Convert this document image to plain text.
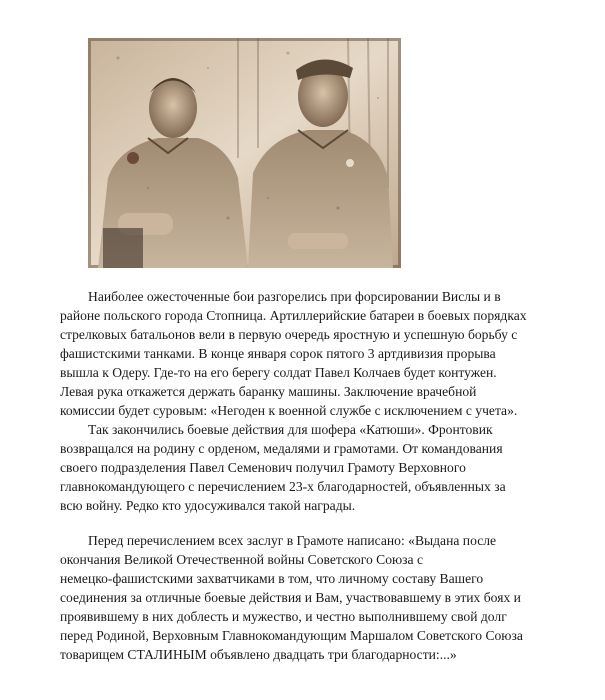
Наиболее ожесточенные бои разгорелись при форсировании Вислы и в
районе польского города Стопница. Артиллерийские батареи в боевых порядках
стрелковых батальонов вели в первую очередь яростную и успешную борьбу с
фашистскими танками. В конце января сорок пятого 3 артдивизия прорыва
вышла к Одеру. Где-то на его берегу солдат Павел Колчаев будет контужен.
Левая рука откажется держать баранку машины. Заключение врачебной
комиссии будет суровым: «Негоден к военной службе с исключением с учета».

Так закончились боевые действия для шофера «Катюши». Фронтовик
возвращался на родину с орденом, медалями и грамотами. От командования
своего подразделения Павел Семенович получил Грамоту Верховного
главнокомандующего с перечислением 23-х благодарностей, объявленных за
всю войну. Редко кто удосуживался такой награды.

Перед перечислением всех заслуг в Грамоте написано: «Выдана после
окончания Великой Отечественной войны Советского Союза с
немецко-фашистскими захватчиками в том, что личному составу Вашего
соединения за отличные боевые действия и Вам, участвовавшему в этих боях и
проявившему в них доблесть и мужество, и честно выполнившему свой долг
перед Родиной, Верховным Главнокомандующим Маршалом Советского Союза
товарищем СТАЛИНЫМ объявлено двадцать три благодарности:...»
